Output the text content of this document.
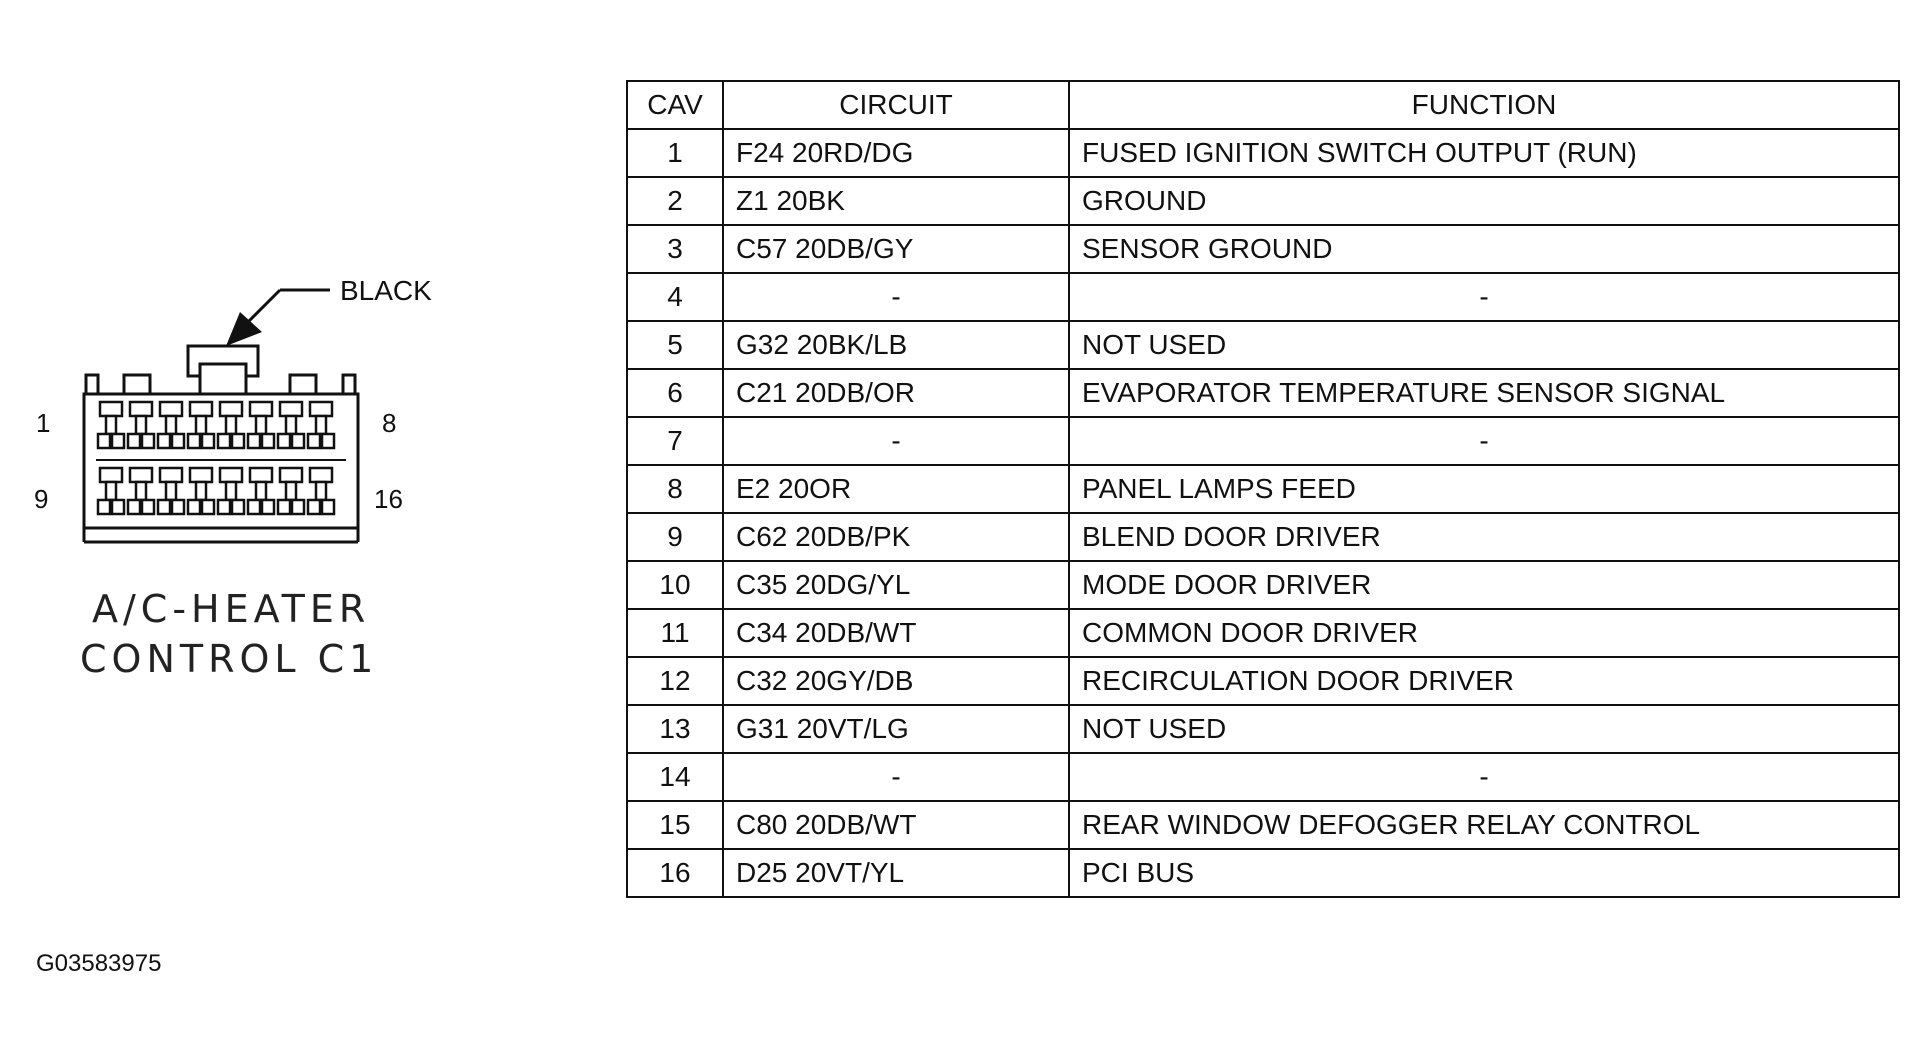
BLACK
1	8
9	16
A/C-HEATER
CONTROL C1
CAV	CIRCUIT	FUNCTION
1	F24 20RD/DG	FUSED IGNITION SWITCH OUTPUT (RUN)
2	Z1 20BK	GROUND
3	C57 20DB/GY	SENSOR GROUND
4	-	-
5	G32 20BK/LB	NOT USED
6	C21 20DB/OR	EVAPORATOR TEMPERATURE SENSOR SIGNAL
7	-	-
8	E2 20OR	PANEL LAMPS FEED
9	C62 20DB/PK	BLEND DOOR DRIVER
10	C35 20DG/YL	MODE DOOR DRIVER
11	C34 20DB/WT	COMMON DOOR DRIVER
12	C32 20GY/DB	RECIRCULATION DOOR DRIVER
13	G31 20VT/LG	NOT USED
14	-	-
15	C80 20DB/WT	REAR WINDOW DEFOGGER RELAY CONTROL
16	D25 20VT/YL	PCI BUS
G03583975
